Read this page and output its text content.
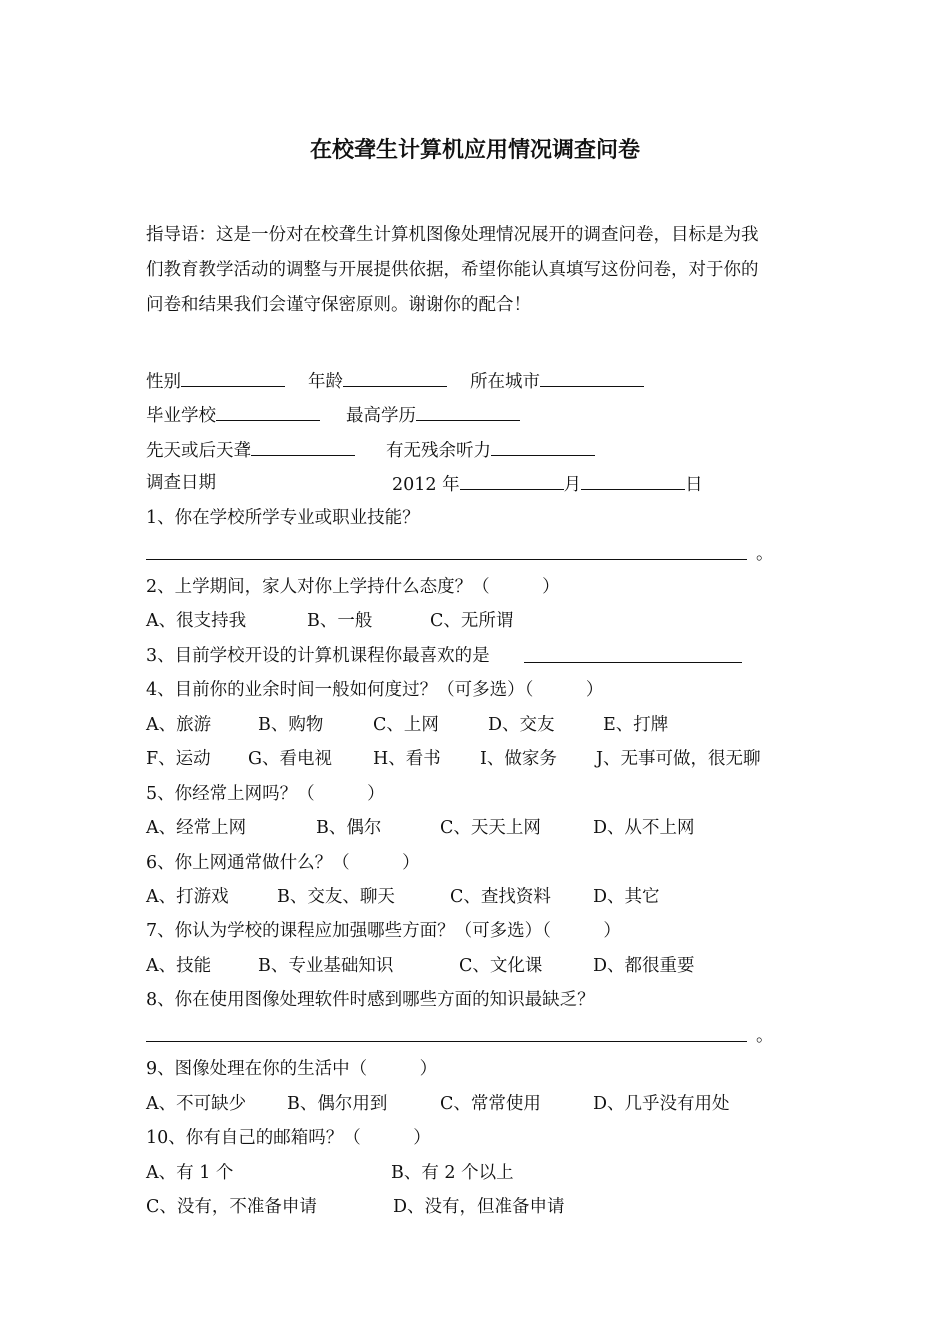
在校聋生计算机应用情况调查问卷
指导语：这是一份对在校聋生计算机图像处理情况展开的调查问卷，目标是为我
们教育教学活动的调整与开展提供依据，希望你能认真填写这份问卷，对于你的
问卷和结果我们会谨守保密原则。谢谢你的配合！
性别	年龄	所在城市
毕业学校	最高学历
先天或后天聋	有无残余听力
调查日期	2012 年	月	日
1、你在学校所学专业或职业技能？
。
2、上学期间，家人对你上学持什么态度？（　　　）
A、很支持我	B、一般	C、无所谓
3、目前学校开设的计算机课程你最喜欢的是
4、目前你的业余时间一般如何度过？（可多选）（　　　）
A、旅游	B、购物	C、上网	D、交友	E、打牌
F、运动 G、看电视 H、看书 I、做家务 J、无事可做，很无聊
5、你经常上网吗？（　　　）
A、经常上网	B、偶尔	C、天天上网	D、从不上网
6、你上网通常做什么？（　　　）
A、打游戏	B、交友、聊天	C、查找资料 D、其它
7、你认为学校的课程应加强哪些方面？（可多选）（　　　）
A、技能	B、专业基础知识	C、文化课	D、都很重要
8、你在使用图像处理软件时感到哪些方面的知识最缺乏？
。
9、图像处理在你的生活中（　　　）
A、不可缺少 B、偶尔用到	C、常常使用	D、几乎没有用处
10、你有自己的邮箱吗？（　　　）
A、有 1 个	B、有 2 个以上
C、没有，不准备申请	D、没有，但准备申请
